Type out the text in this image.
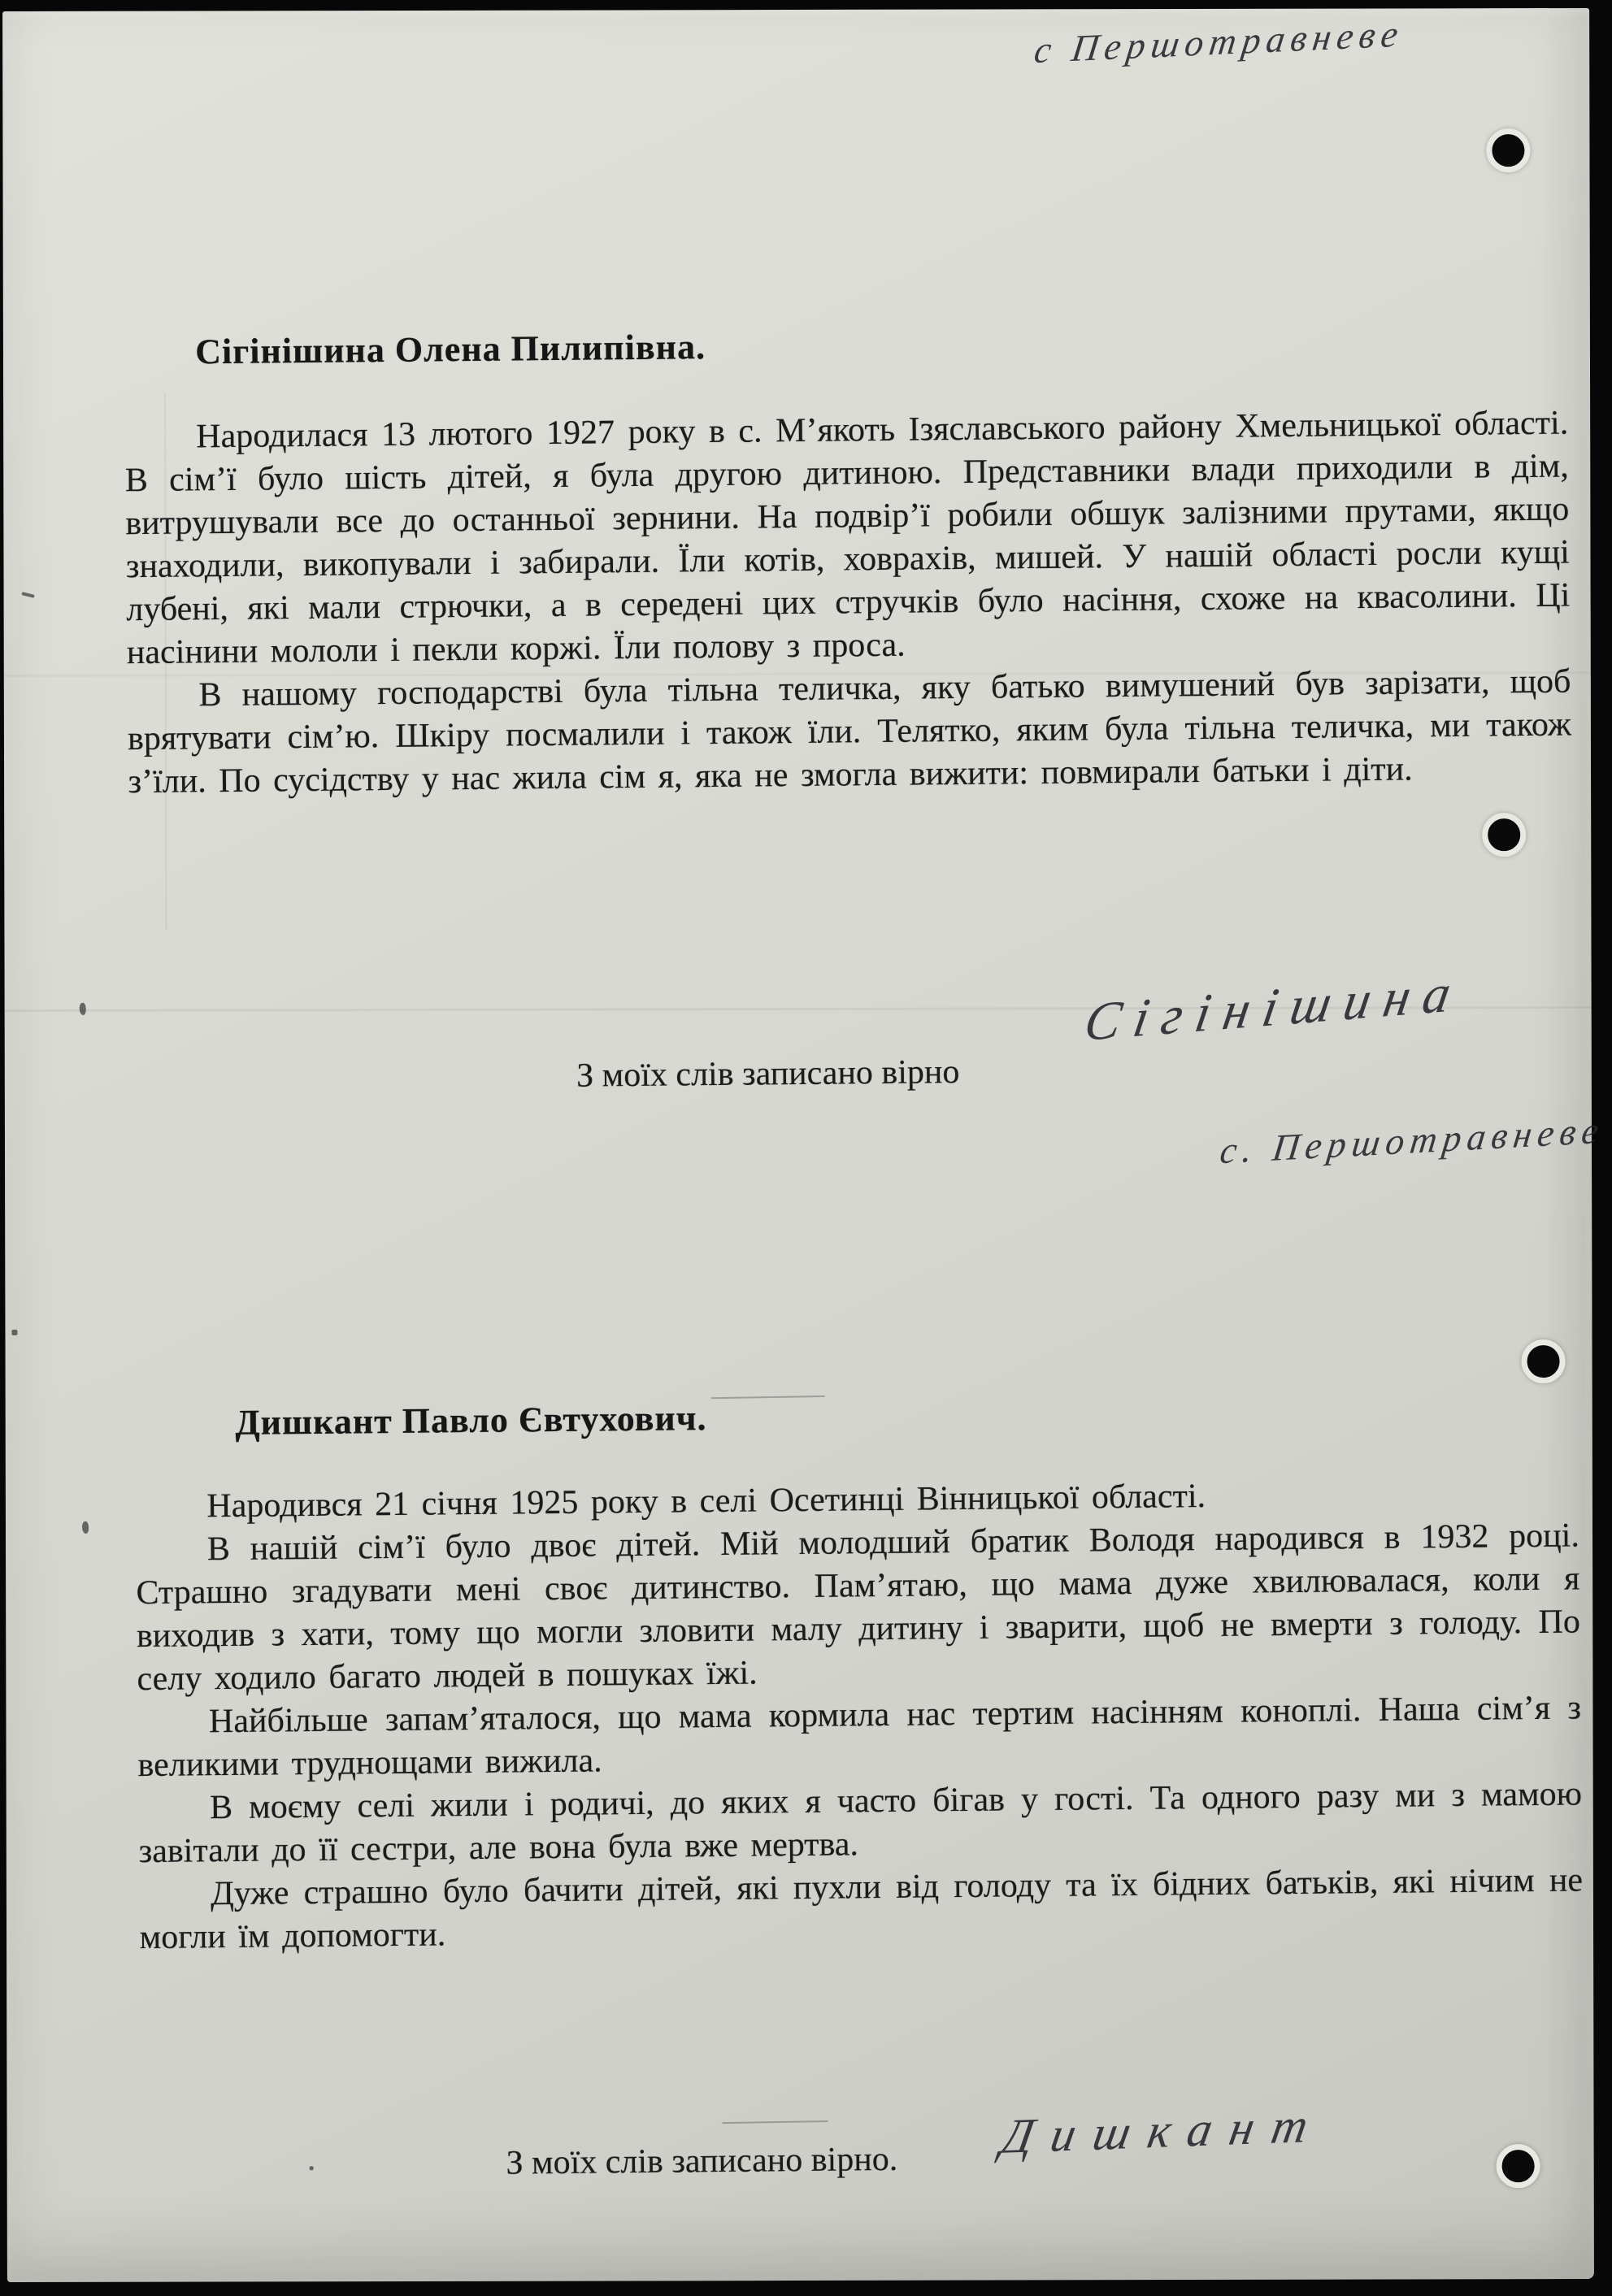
с Першотравневе
Сігінішина Олена Пилипівна.

Народилася 13 лютого 1927 року в с. М’якоть Ізяславського району Хмельницької області. В сім’ї було шість дітей, я була другою дитиною. Представники влади приходили в дім, витрушували все до останньої зернини. На подвір’ї робили обшук залізними прутами, якщо знаходили, викопували і забирали. Їли котів, ховрахів, мишей. У нашій області росли кущі лубені, які мали стрючки, а в середені цих стручків було насіння, схоже на квасолини. Ці насінини мололи і пекли коржі. Їли полову з проса.

В нашому господарстві була тільна теличка, яку батько вимушений був зарізати, щоб врятувати сім’ю. Шкіру посмалили і також їли. Телятко, яким була тільна теличка, ми також з’їли. По сусідству у нас жила сім я, яка не змогла вижити: повмирали батьки і діти.

З моїх слів записано вірно
Сігінішина
с. Першотравневе
Дишкант Павло Євтухович.

Народився 21 січня 1925 року в селі Осетинці Вінницької області.

В нашій сім’ї було двоє дітей. Мій молодший братик Володя народився в 1932 році. Страшно згадувати мені своє дитинство. Пам’ятаю, що мама дуже хвилювалася, коли я виходив з хати, тому що могли зловити малу дитину і зварити, щоб не вмерти з голоду. По селу ходило багато людей в пошуках їжі.

Найбільше запам’яталося, що мама кормила нас тертим насінням коноплі. Наша сім’я з великими труднощами вижила.

В моєму селі жили і родичі, до яких я часто бігав у гості. Та одного разу ми з мамою завітали до її сестри, але вона була вже мертва.

Дуже страшно було бачити дітей, які пухли від голоду та їх бідних батьків, які нічим не могли їм допомогти.

З моїх слів записано вірно. Дишкант
